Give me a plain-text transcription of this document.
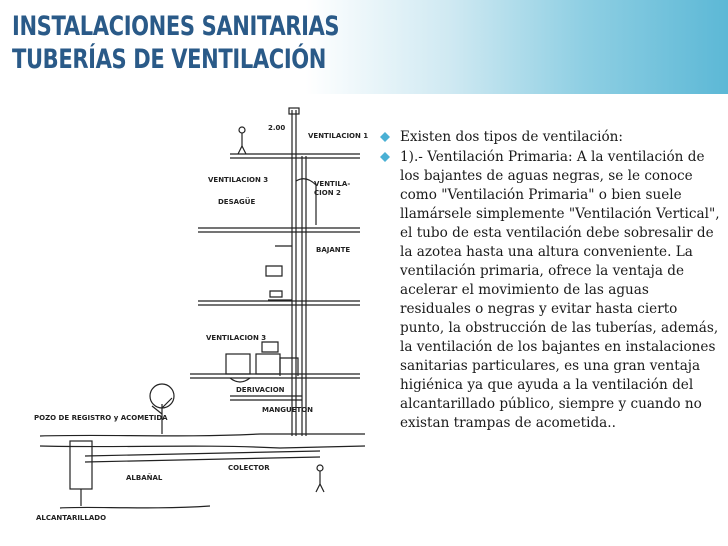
INSTALACIONES SANITARIAS
TUBERÍAS DE VENTILACIÓN
VENTILACION 1
2.00
VENTILACION 3	VENTILA-
CION 2
DESAGÜE
BAJANTE
VENTILACION 3
DERIVACION
MANGUETON
POZO DE REGISTRO y ACOMETIDA
COLECTOR
ALBAÑAL
ALCANTARILLADO
Existen dos tipos de ventilación:
1).- Ventilación Primaria: A la ventilación de los bajantes de aguas negras, se le conoce como "Ventilación Primaria" o bien suele llamársele simplemente "Ventilación Vertical", el tubo de esta ventilación debe sobresalir de la azotea hasta una altura conveniente. La ventilación primaria, ofrece la ventaja de acelerar el movimiento de las aguas residuales o negras y evitar hasta cierto punto, la obstrucción de las tuberías, además, la ventilación de los bajantes en instalaciones sanitarias particulares, es una gran ventaja higiénica ya que ayuda a la ventilación del alcantarillado público, siempre y cuando no existan trampas de acometida..
